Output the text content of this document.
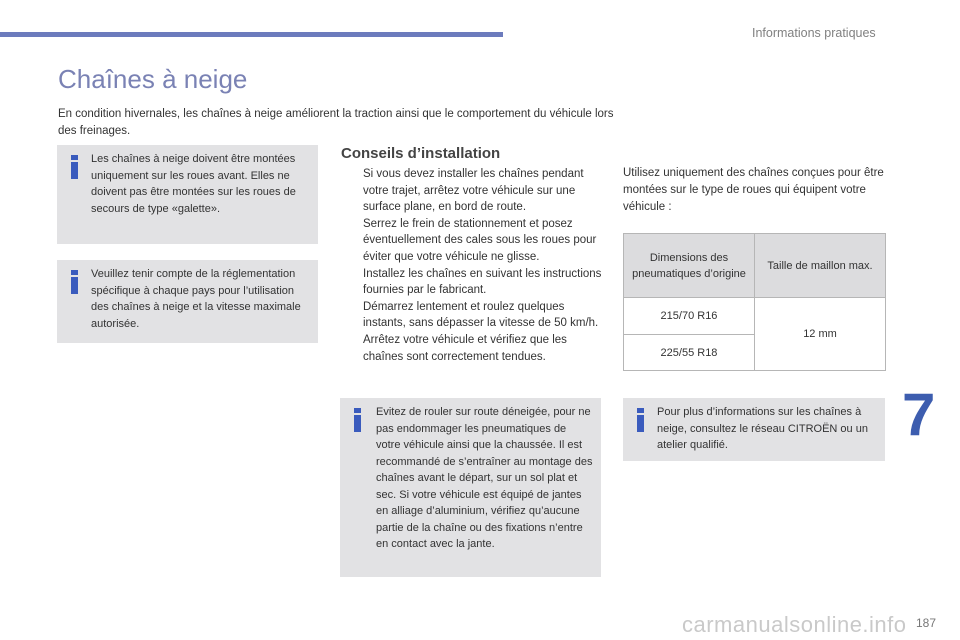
Informations pratiques
Chaînes à neige
En condition hivernales, les chaînes à neige améliorent la traction ainsi que le comportement du véhicule lors des freinages.
Les chaînes à neige doivent être montées uniquement sur les roues avant. Elles ne doivent pas être montées sur les roues de secours de type «galette».
Veuillez tenir compte de la réglementation spécifique à chaque pays pour l’utilisation des chaînes à neige et la vitesse maximale autorisée.
Conseils d’installation
Si vous devez installer les chaînes pendant votre trajet, arrêtez votre véhicule sur une surface plane, en bord de route.
Serrez le frein de stationnement et posez éventuellement des cales sous les roues pour éviter que votre véhicule ne glisse.
Installez les chaînes en suivant les instructions fournies par le fabricant.
Démarrez lentement et roulez quelques instants, sans dépasser la vitesse de 50 km/h.
Arrêtez votre véhicule et vérifiez que les chaînes sont correctement tendues.
Evitez de rouler sur route déneigée, pour ne pas endommager les pneumatiques de votre véhicule ainsi que la chaussée. Il est recommandé de s’entraîner au montage des chaînes avant le départ, sur un sol plat et sec. Si votre véhicule est équipé de jantes en alliage d’aluminium, vérifiez qu’aucune partie de la chaîne ou des fixations n’entre en contact avec la jante.
Utilisez uniquement des chaînes conçues pour être montées sur le type de roues qui équipent votre véhicule :
Dimensions des pneumatiques d’origine	Taille de maillon max.
215/70 R16	12 mm
225/55 R18	
Pour plus d’informations sur les chaînes à neige, consultez le réseau CITROËN ou un atelier qualifié.	7
carmanualsonline.info 187
